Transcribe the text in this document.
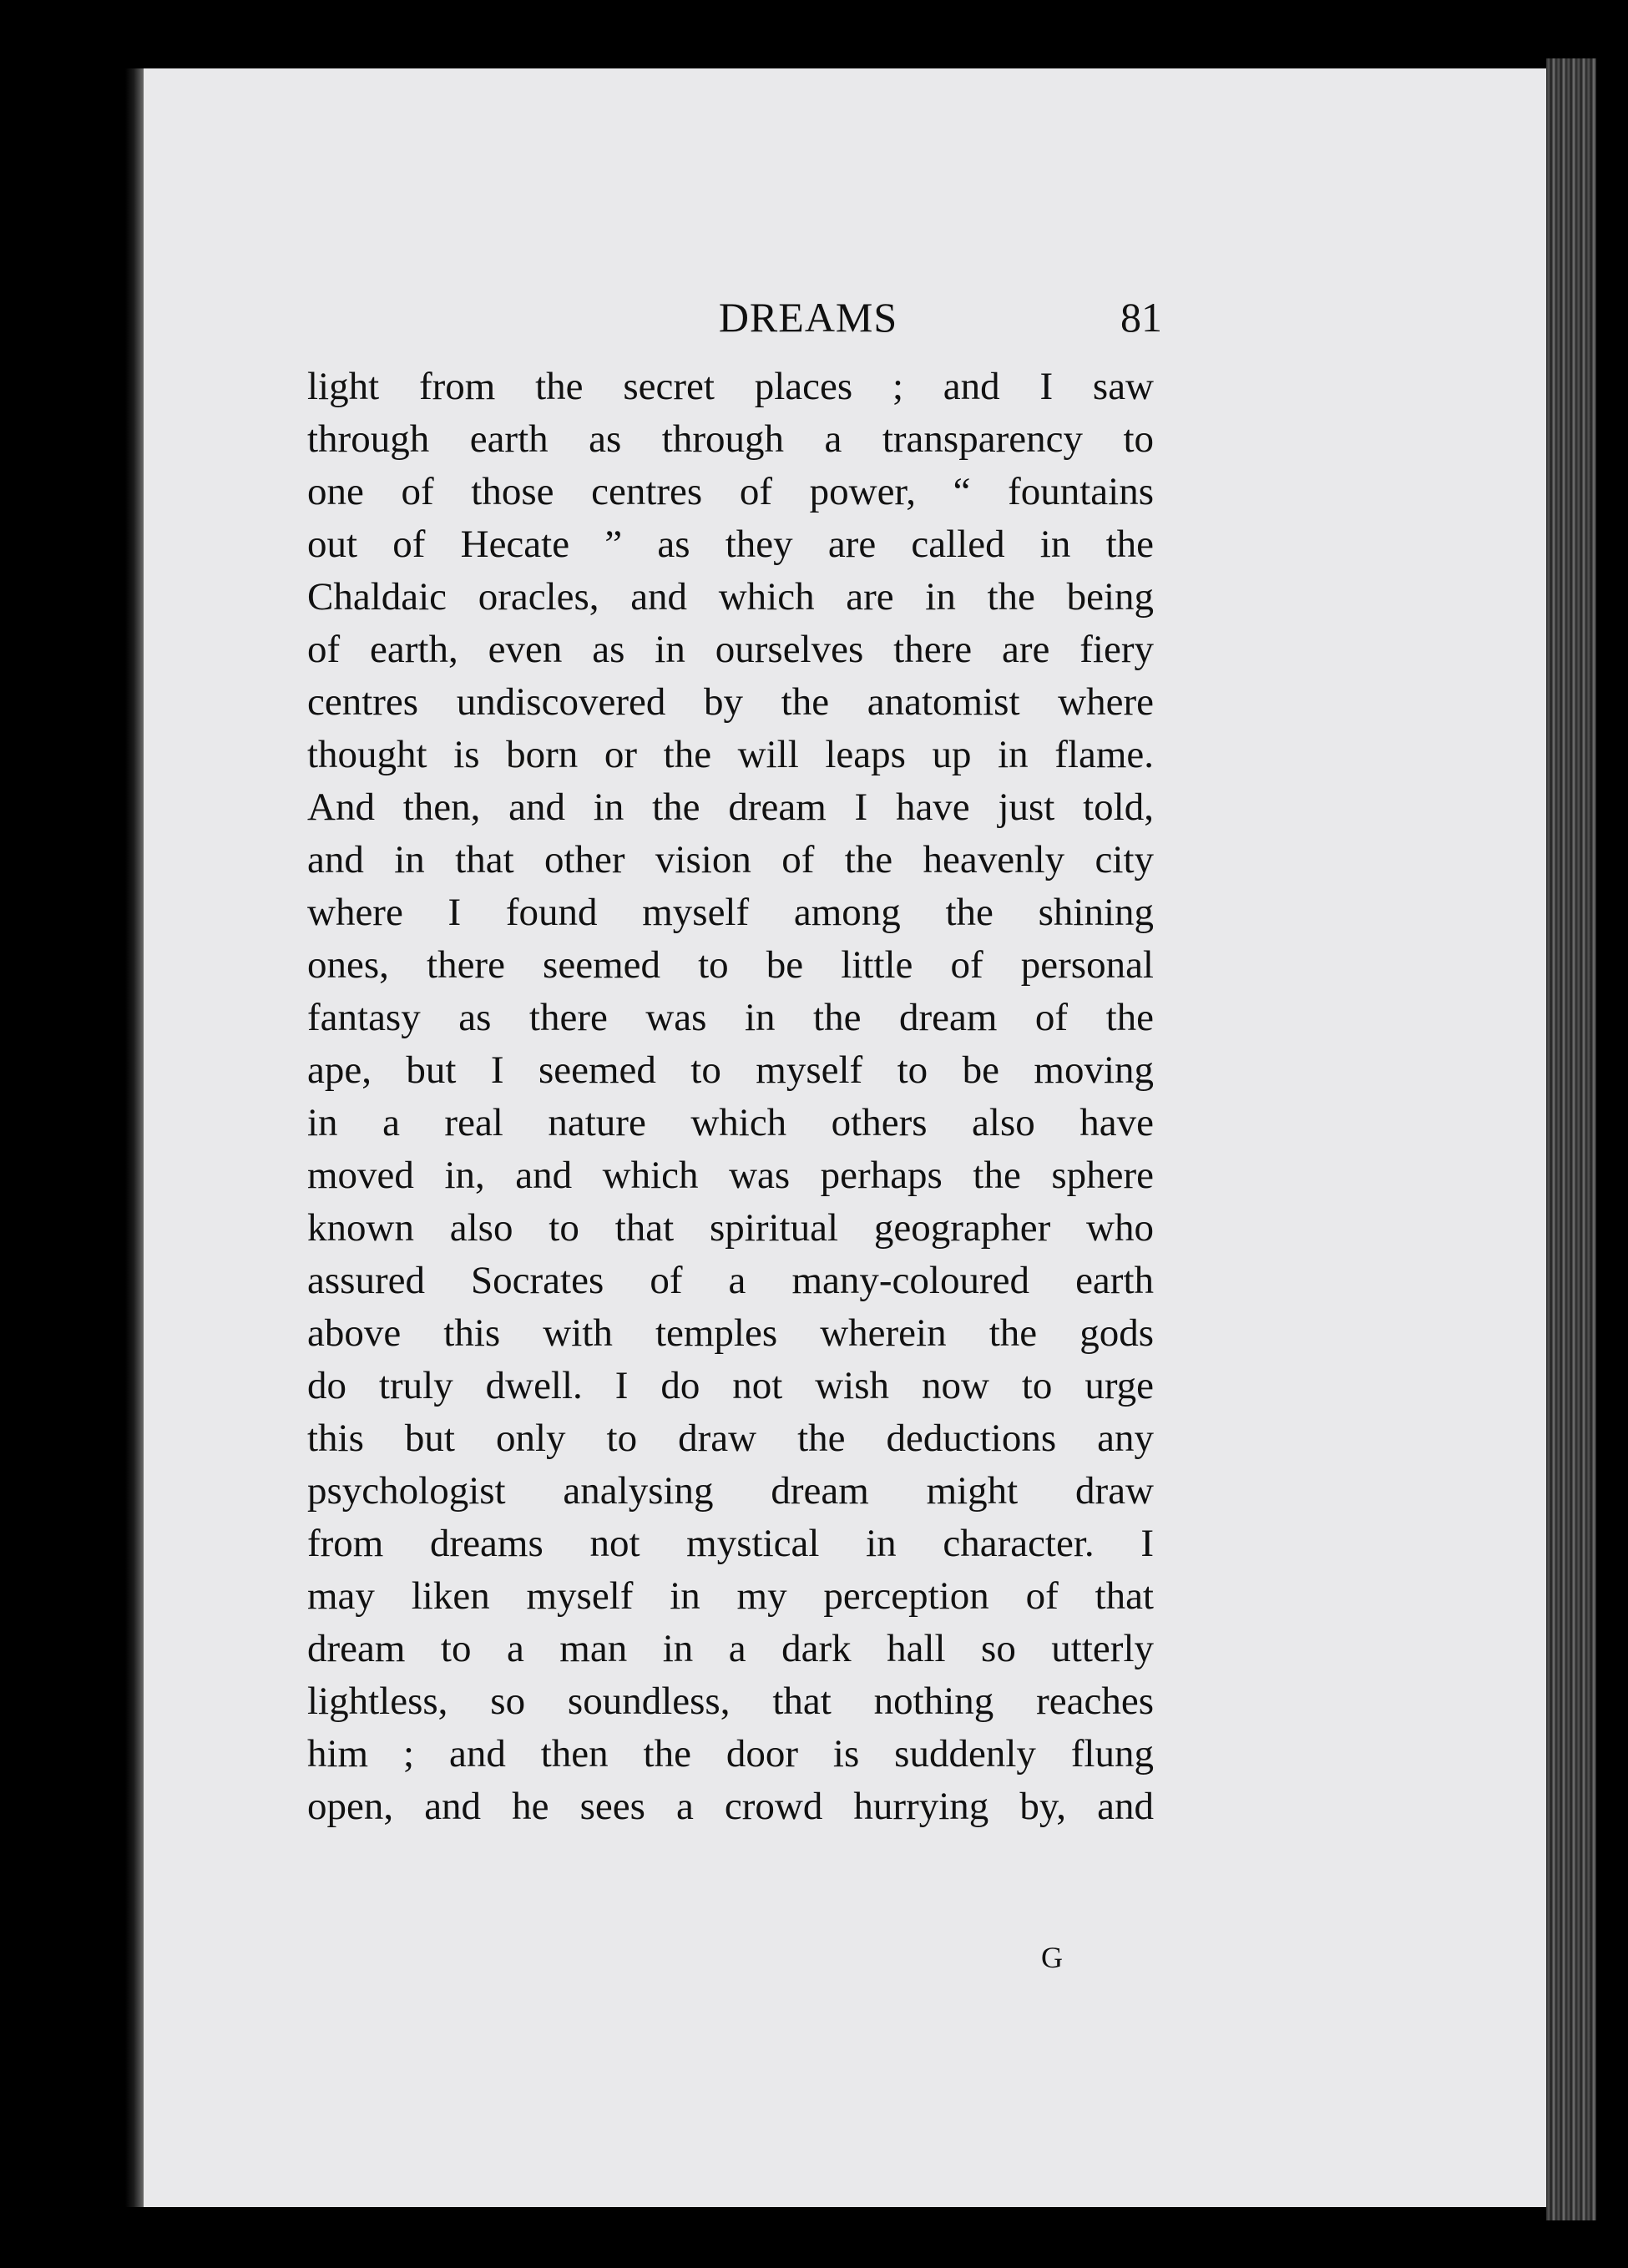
DREAMS	81
light from the secret places ; and I saw
through earth as through a transparency to
one of those centres of power, “ fountains
out of Hecate ” as they are called in the
Chaldaic oracles, and which are in the being
of earth, even as in ourselves there are fiery
centres undiscovered by the anatomist where
thought is born or the will leaps up in flame.
And then, and in the dream I have just told,
and in that other vision of the heavenly city
where I found myself among the shining
ones, there seemed to be little of personal
fantasy as there was in the dream of the
ape, but I seemed to myself to be moving
in a real nature which others also have
moved in, and which was perhaps the sphere
known also to that spiritual geographer who
assured Socrates of a many-coloured earth
above this with temples wherein the gods
do truly dwell. I do not wish now to urge
this but only to draw the deductions any
psychologist analysing dream might draw
from dreams not mystical in character. I
may liken myself in my perception of that
dream to a man in a dark hall so utterly
lightless, so soundless, that nothing reaches
him ; and then the door is suddenly flung
open, and he sees a crowd hurrying by, and
G
